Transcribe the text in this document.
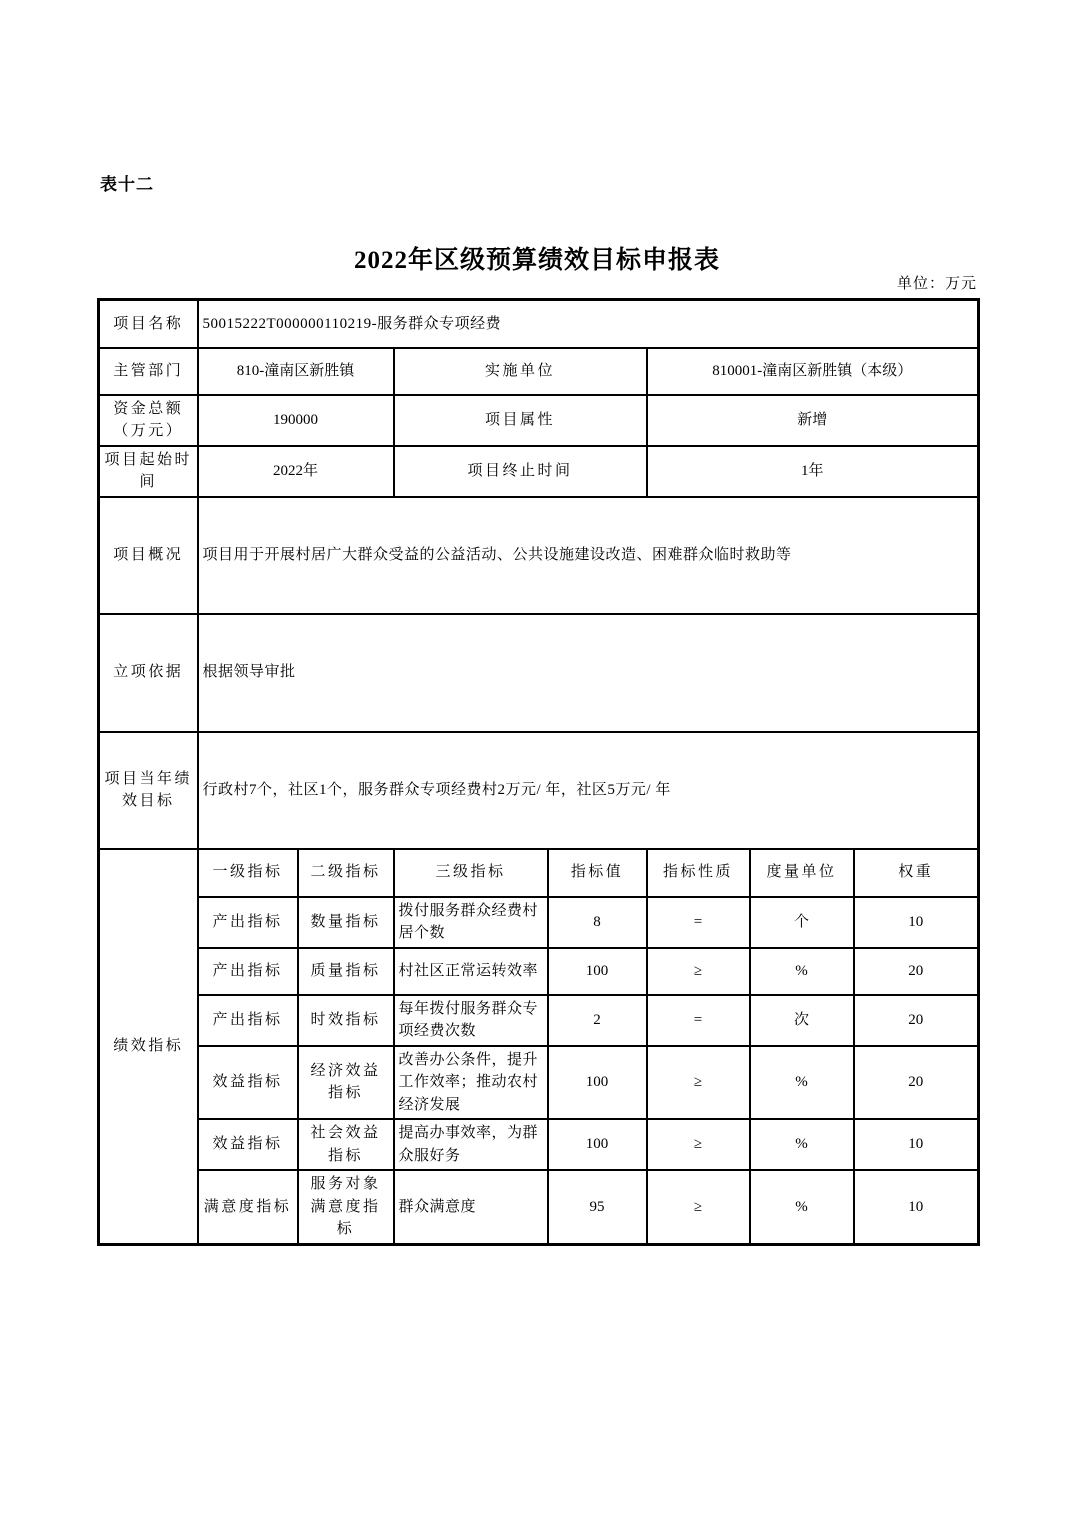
表十二
2022年区级预算绩效目标申报表
单位：万元
项目名称	50015222T000000110219-服务群众专项经费						
主管部门	810-潼南区新胜镇		实施单位		810001-潼南区新胜镇（本级）		
资金总额（万元）	190000		项目属性		新增		
项目起始时间	2022年		项目终止时间		1年		
项目概况	项目用于开展村居广大群众受益的公益活动、公共设施建设改造、困难群众临时救助等						
立项依据	根据领导审批						
项目当年绩效目标	行政村7个，社区1个，服务群众专项经费村2万元/ 年，社区5万元/ 年						
绩效指标	一级指标	二级指标	三级指标	指标值	指标性质	度量单位	权重
	产出指标	数量指标	拨付服务群众经费村居个数	8	=	个	10
	产出指标	质量指标	村社区正常运转效率	100	≥	%	20
	产出指标	时效指标	每年拨付服务群众专项经费次数	2	=	次	20
	效益指标	经济效益指标	改善办公条件，提升工作效率；推动农村经济发展	100	≥	%	20
	效益指标	社会效益指标	提高办事效率，为群众服好务	100	≥	%	10
	满意度指标	服务对象满意度指标	群众满意度	95	≥	%	10
